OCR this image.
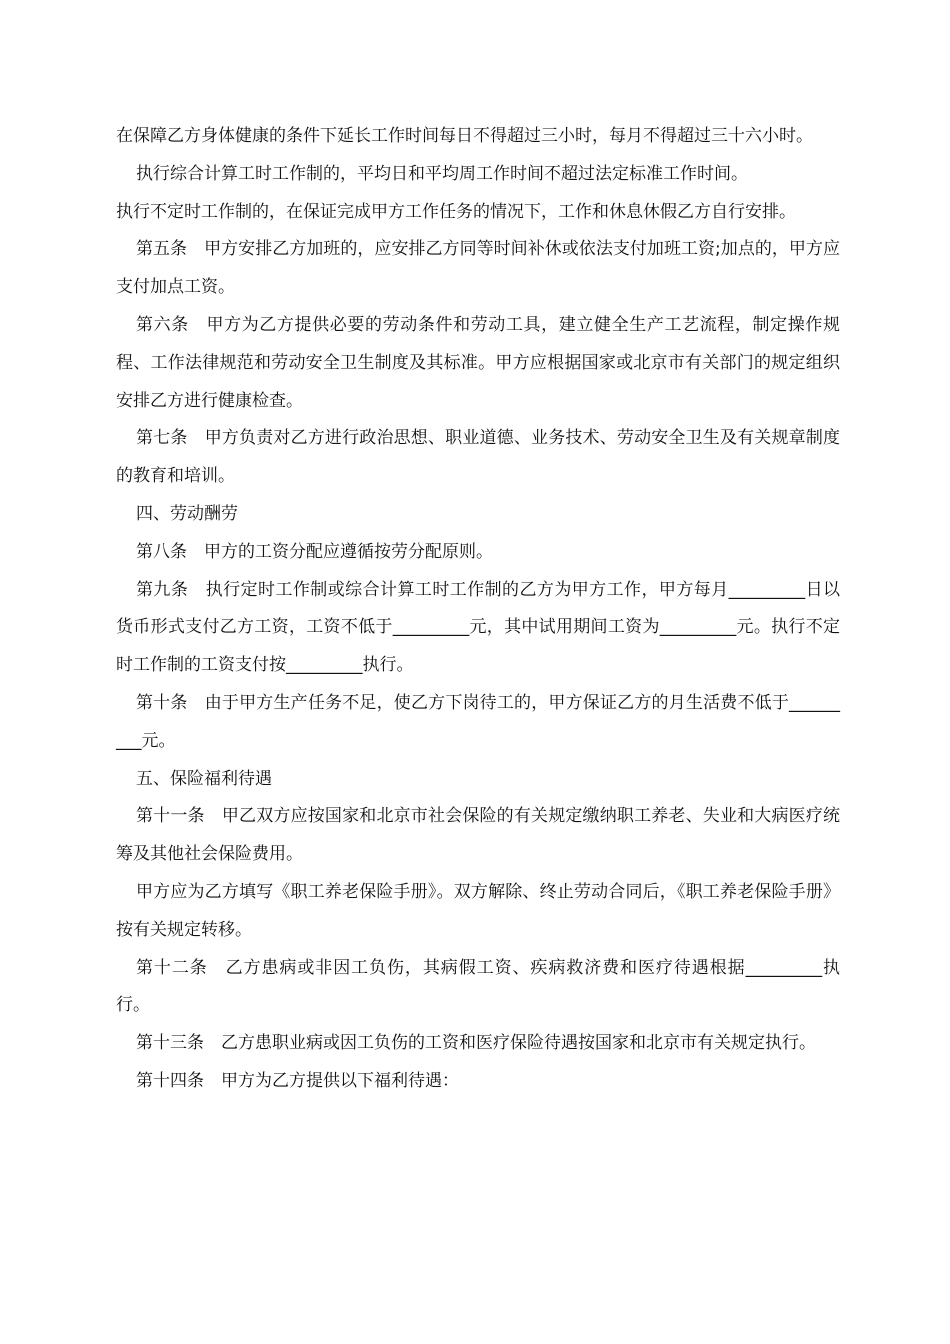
在保障乙方身体健康的条件下延长工作时间每日不得超过三小时，每月不得超过三十六小时。

执行综合计算工时工作制的，平均日和平均周工作时间不超过法定标准工作时间。

执行不定时工作制的，在保证完成甲方工作任务的情况下，工作和休息休假乙方自行安排。

第五条　甲方安排乙方加班的，应安排乙方同等时间补休或依法支付加班工资;加点的，甲方应支付加点工资。

第六条　甲方为乙方提供必要的劳动条件和劳动工具，建立健全生产工艺流程，制定操作规程、工作法律规范和劳动安全卫生制度及其标准。甲方应根据国家或北京市有关部门的规定组织安排乙方进行健康检查。

第七条　甲方负责对乙方进行政治思想、职业道德、业务技术、劳动安全卫生及有关规章制度的教育和培训。

四、劳动酬劳

第八条　甲方的工资分配应遵循按劳分配原则。

第九条　执行定时工作制或综合计算工时工作制的乙方为甲方工作，甲方每月_________日以货币形式支付乙方工资，工资不低于_________元，其中试用期间工资为_________元。执行不定时工作制的工资支付按_________执行。

第十条　由于甲方生产任务不足，使乙方下岗待工的，甲方保证乙方的月生活费不低于_________元。

五、保险福利待遇

第十一条　甲乙双方应按国家和北京市社会保险的有关规定缴纳职工养老、失业和大病医疗统筹及其他社会保险费用。

甲方应为乙方填写《职工养老保险手册》。双方解除、终止劳动合同后，《职工养老保险手册》按有关规定转移。

第十二条　乙方患病或非因工负伤，其病假工资、疾病救济费和医疗待遇根据_________执行。

第十三条　乙方患职业病或因工负伤的工资和医疗保险待遇按国家和北京市有关规定执行。

第十四条　甲方为乙方提供以下福利待遇：
